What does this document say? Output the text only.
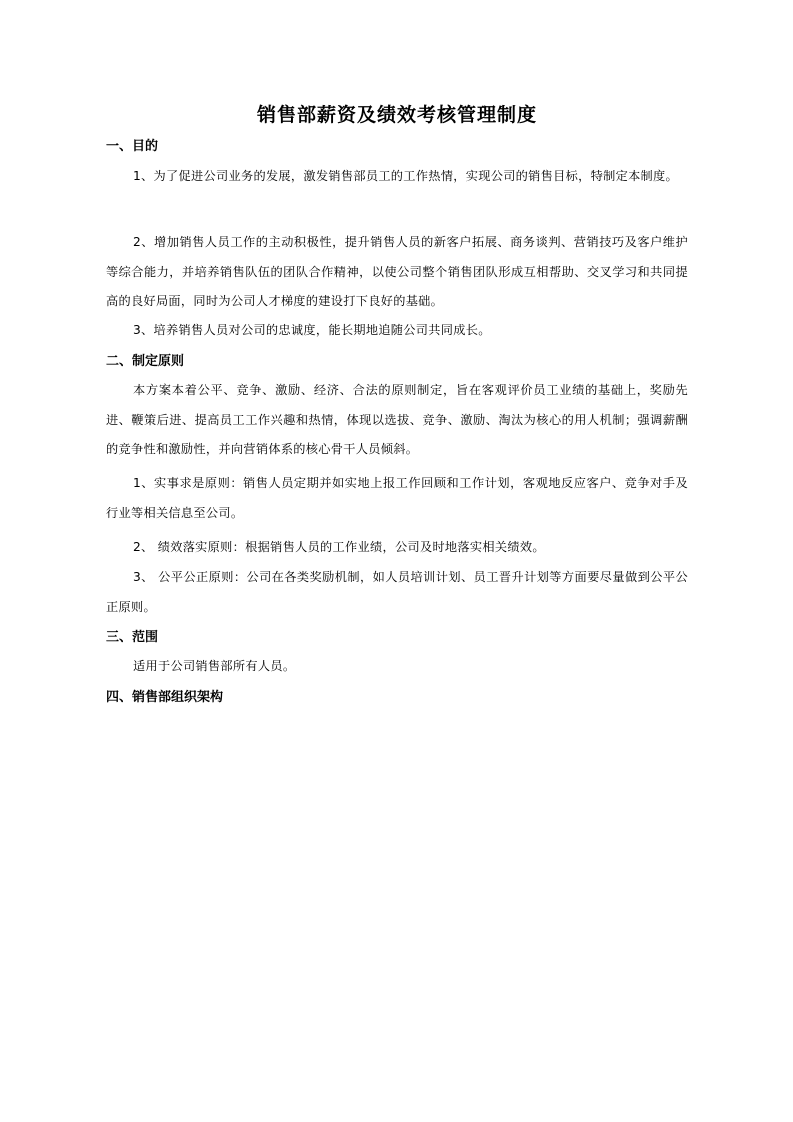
销售部薪资及绩效考核管理制度
一、目的
1、为了促进公司业务的发展，激发销售部员工的工作热情，实现公司的销售目标，特制定本制度。
2、增加销售人员工作的主动积极性，提升销售人员的新客户拓展、商务谈判、营销技巧及客户维护等综合能力，并培养销售队伍的团队合作精神，以使公司整个销售团队形成互相帮助、交叉学习和共同提高的良好局面，同时为公司人才梯度的建设打下良好的基础。
3、培养销售人员对公司的忠诚度，能长期地追随公司共同成长。
二、制定原则
本方案本着公平、竞争、激励、经济、合法的原则制定，旨在客观评价员工业绩的基础上，奖励先进、鞭策后进、提高员工工作兴趣和热情，体现以选拔、竞争、激励、淘汰为核心的用人机制；强调薪酬的竞争性和激励性，并向营销体系的核心骨干人员倾斜。
1、实事求是原则：销售人员定期并如实地上报工作回顾和工作计划，客观地反应客户、竞争对手及行业等相关信息至公司。
2、 绩效落实原则：根据销售人员的工作业绩，公司及时地落实相关绩效。
3、 公平公正原则：公司在各类奖励机制，如人员培训计划、员工晋升计划等方面要尽量做到公平公正原则。
三、范围
适用于公司销售部所有人员。
四、销售部组织架构
